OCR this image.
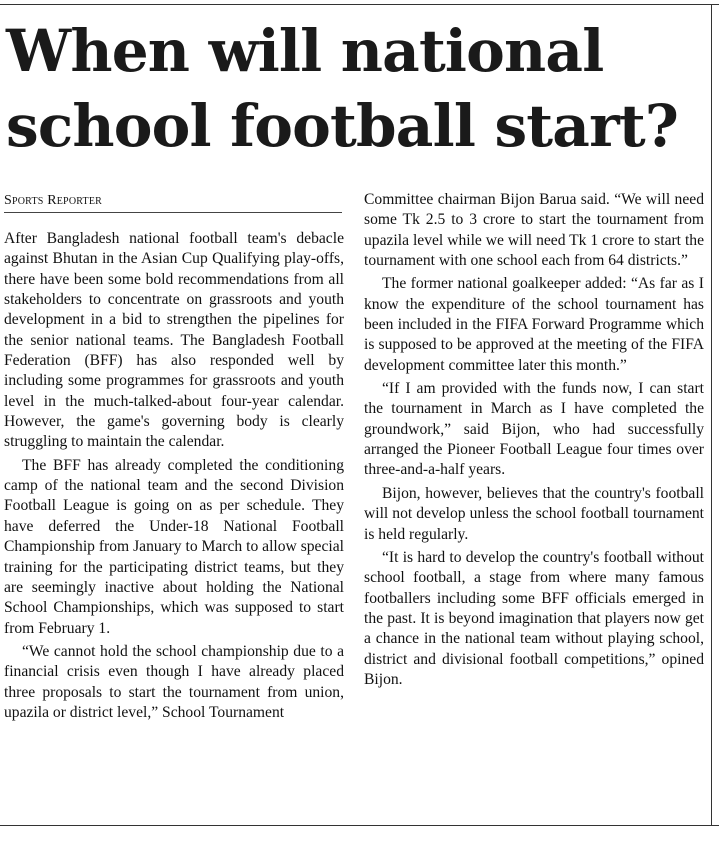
When will national school football start?
Sports Reporter

After Bangladesh national football team's debacle against Bhutan in the Asian Cup Qualifying play-offs, there have been some bold recommendations from all stakeholders to concentrate on grassroots and youth development in a bid to strengthen the pipelines for the senior national teams. The Bangladesh Football Federation (BFF) has also responded well by including some programmes for grassroots and youth level in the much-talked-about four-year calendar. However, the game's governing body is clearly struggling to maintain the calendar.

The BFF has already completed the conditioning camp of the national team and the second Division Football League is going on as per schedule. They have deferred the Under-18 National Football Championship from January to March to allow special training for the participating district teams, but they are seemingly inactive about holding the National School Championships, which was supposed to start from February 1.

“We cannot hold the school championship due to a financial crisis even though I have already placed three proposals to start the tournament from union, upazila or district level,” School Tournament

Committee chairman Bijon Barua said. “We will need some Tk 2.5 to 3 crore to start the tournament from upazila level while we will need Tk 1 crore to start the tournament with one school each from 64 districts.”

The former national goalkeeper added: “As far as I know the expenditure of the school tournament has been included in the FIFA Forward Programme which is supposed to be approved at the meeting of the FIFA development committee later this month.”

“If I am provided with the funds now, I can start the tournament in March as I have completed the groundwork,” said Bijon, who had successfully arranged the Pioneer Football League four times over three-and-a-half years.

Bijon, however, believes that the country's football will not develop unless the school football tournament is held regularly.

“It is hard to develop the country's football without school football, a stage from where many famous footballers including some BFF officials emerged in the past. It is beyond imagination that players now get a chance in the national team without playing school, district and divisional football competitions,” opined Bijon.
